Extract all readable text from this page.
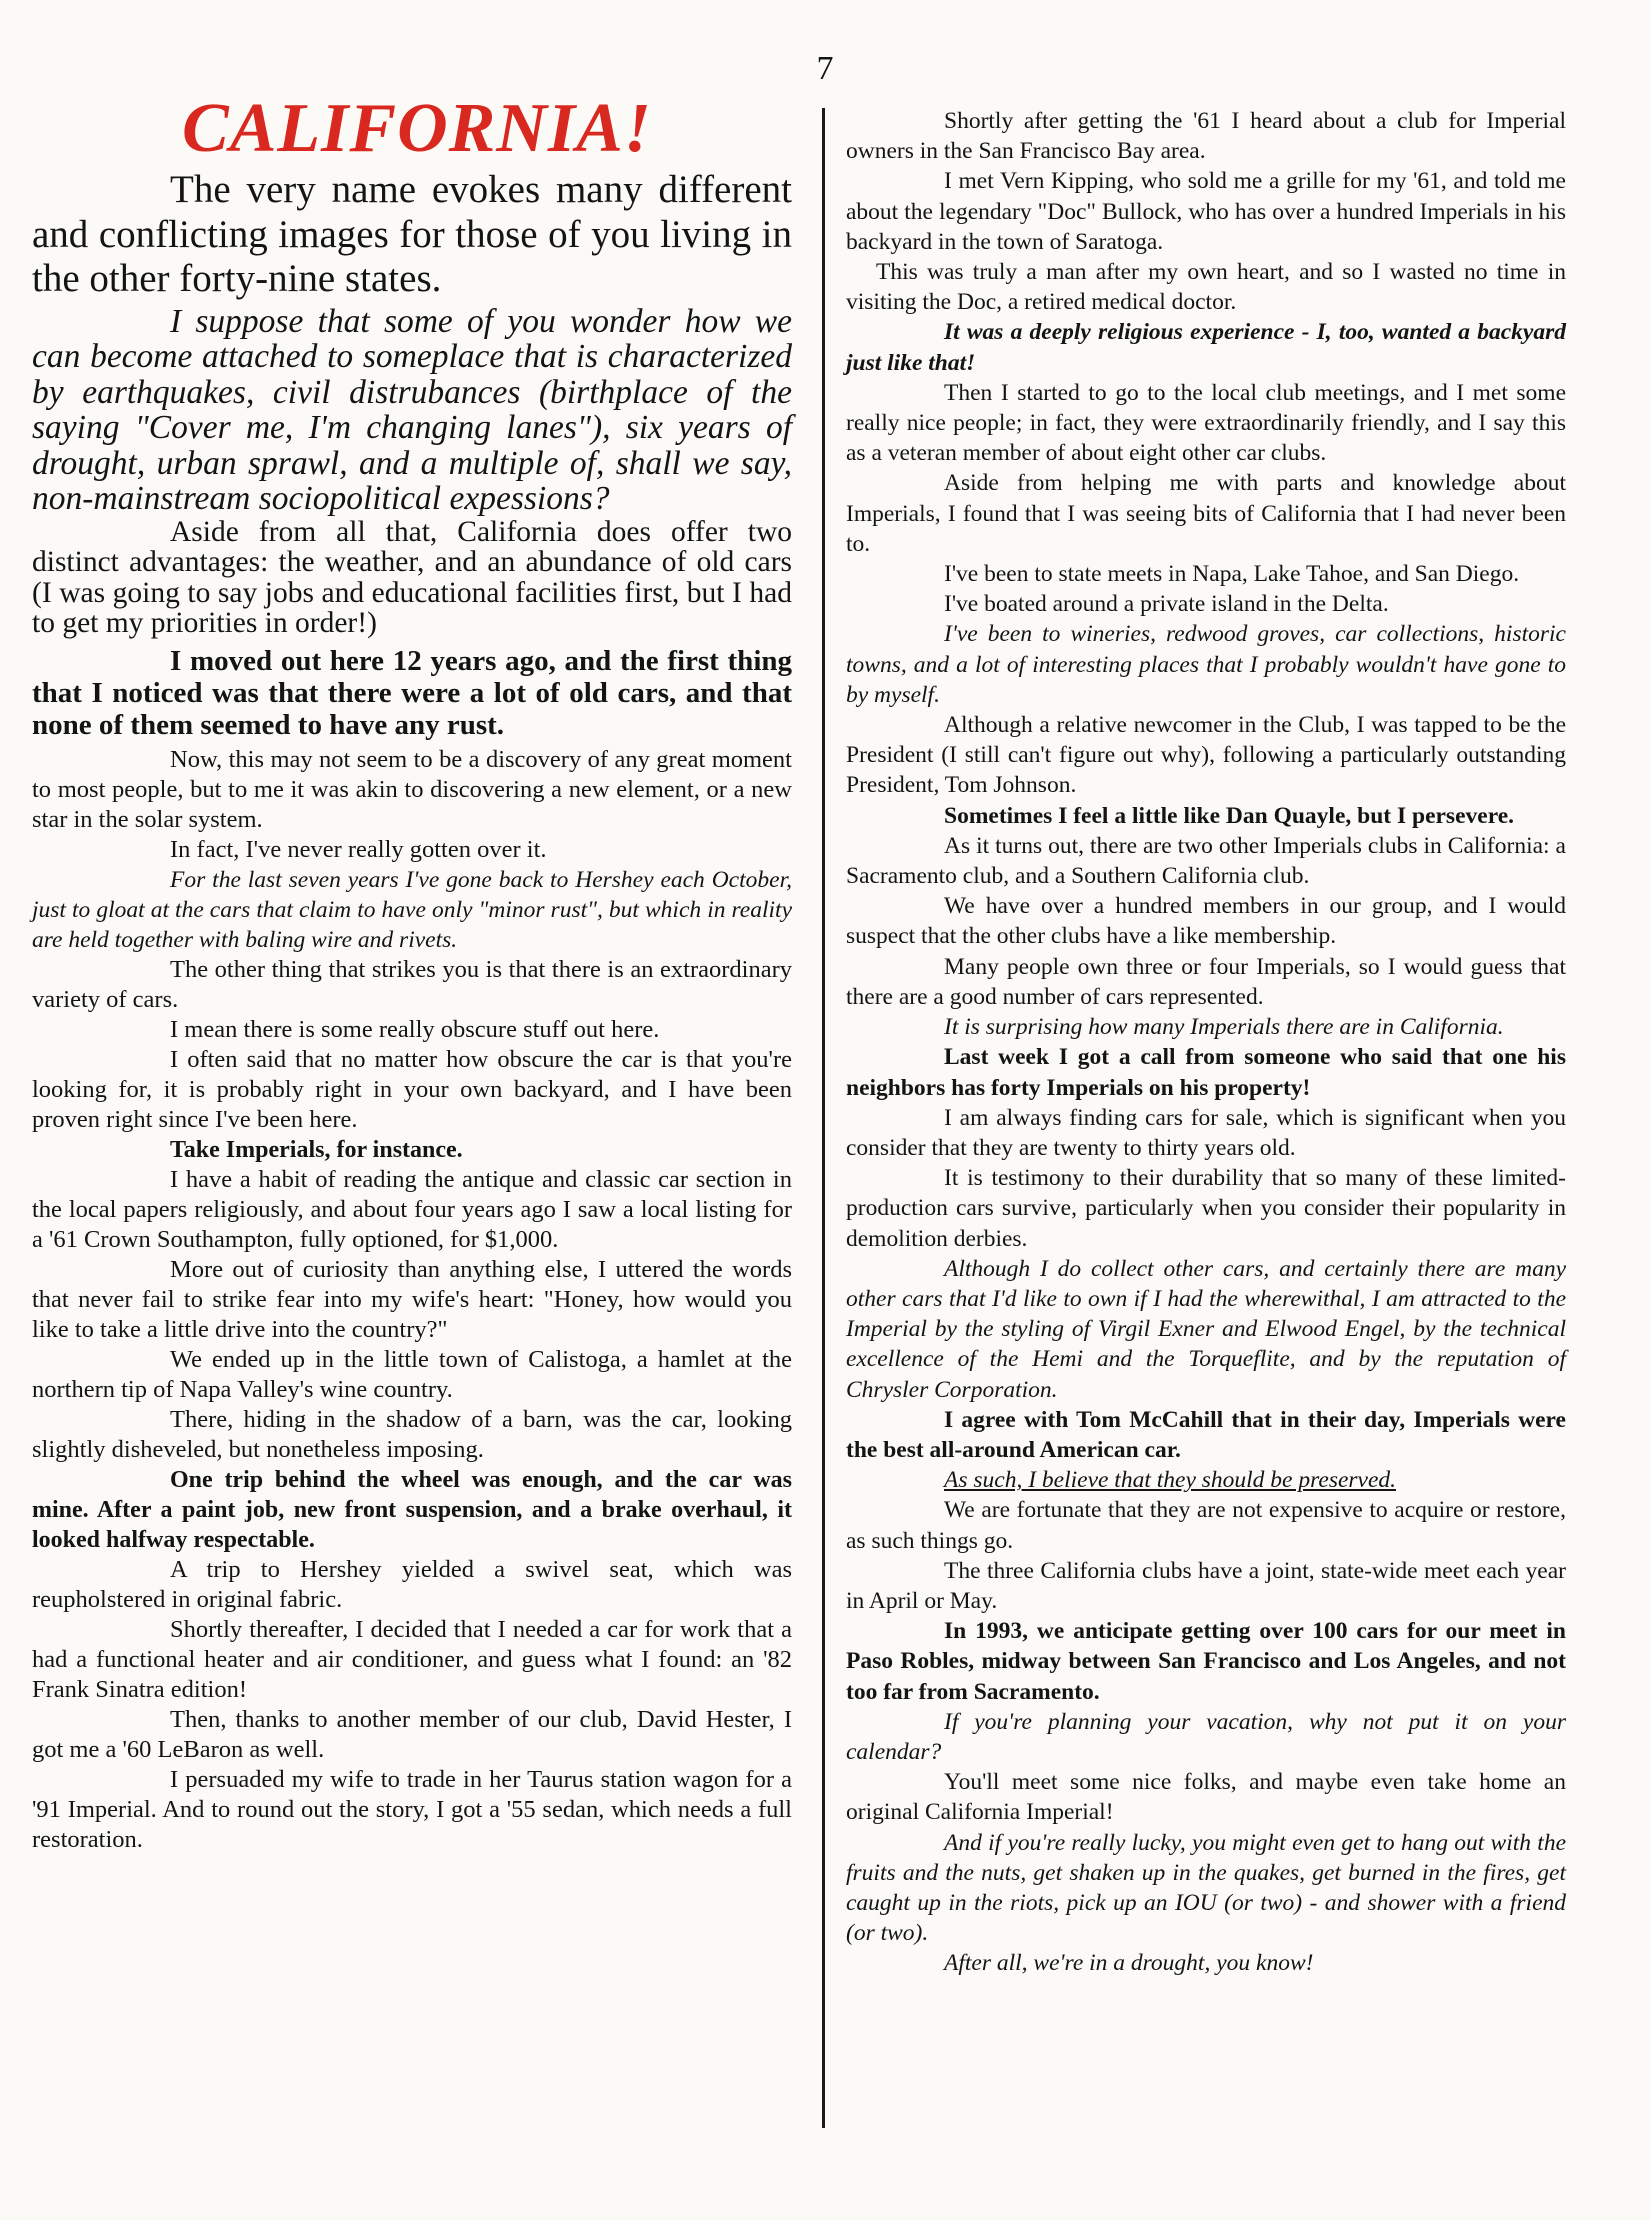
7
CALIFORNIA!

The very name evokes many different and conflicting images for those of you living in the other forty-nine states.

I suppose that some of you wonder how we can become attached to someplace that is characterized by earthquakes, civil distrubances (birthplace of the saying "Cover me, I'm changing lanes"), six years of drought, urban sprawl, and a multiple of, shall we say, non-mainstream sociopolitical expessions?

Aside from all that, California does offer two distinct advantages: the weather, and an abundance of old cars (I was going to say jobs and educational facilities first, but I had to get my priorities in order!)

I moved out here 12 years ago, and the first thing that I noticed was that there were a lot of old cars, and that none of them seemed to have any rust.

Now, this may not seem to be a discovery of any great moment to most people, but to me it was akin to discovering a new element, or a new star in the solar system.

In fact, I've never really gotten over it.

For the last seven years I've gone back to Hershey each October, just to gloat at the cars that claim to have only "minor rust", but which in reality are held together with baling wire and rivets.

The other thing that strikes you is that there is an extraordinary variety of cars.

I mean there is some really obscure stuff out here.

I often said that no matter how obscure the car is that you're looking for, it is probably right in your own backyard, and I have been proven right since I've been here.

Take Imperials, for instance.

I have a habit of reading the antique and classic car section in the local papers religiously, and about four years ago I saw a local listing for a '61 Crown Southampton, fully optioned, for $1,000.

More out of curiosity than anything else, I uttered the words that never fail to strike fear into my wife's heart: "Honey, how would you like to take a little drive into the country?"

We ended up in the little town of Calistoga, a hamlet at the northern tip of Napa Valley's wine country.

There, hiding in the shadow of a barn, was the car, looking slightly disheveled, but nonetheless imposing.

One trip behind the wheel was enough, and the car was mine. After a paint job, new front suspension, and a brake overhaul, it looked halfway respectable.

A trip to Hershey yielded a swivel seat, which was reupholstered in original fabric.

Shortly thereafter, I decided that I needed a car for work that a had a functional heater and air conditioner, and guess what I found: an '82 Frank Sinatra edition!

Then, thanks to another member of our club, David Hester, I got me a '60 LeBaron as well.

I persuaded my wife to trade in her Taurus station wagon for a '91 Imperial. And to round out the story, I got a '55 sedan, which needs a full restoration.

Shortly after getting the '61 I heard about a club for Imperial owners in the San Francisco Bay area.

I met Vern Kipping, who sold me a grille for my '61, and told me about the legendary "Doc" Bullock, who has over a hundred Imperials in his backyard in the town of Saratoga.

This was truly a man after my own heart, and so I wasted no time in visiting the Doc, a retired medical doctor.

It was a deeply religious experience - I, too, wanted a backyard just like that!

Then I started to go to the local club meetings, and I met some really nice people; in fact, they were extraordinarily friendly, and I say this as a veteran member of about eight other car clubs.

Aside from helping me with parts and knowledge about Imperials, I found that I was seeing bits of California that I had never been to.

I've been to state meets in Napa, Lake Tahoe, and San Diego.

I've boated around a private island in the Delta.

I've been to wineries, redwood groves, car collections, historic towns, and a lot of interesting places that I probably wouldn't have gone to by myself.

Although a relative newcomer in the Club, I was tapped to be the President (I still can't figure out why), following a particularly outstanding President, Tom Johnson.

Sometimes I feel a little like Dan Quayle, but I persevere.

As it turns out, there are two other Imperials clubs in California: a Sacramento club, and a Southern California club.

We have over a hundred members in our group, and I would suspect that the other clubs have a like membership.

Many people own three or four Imperials, so I would guess that there are a good number of cars represented.

It is surprising how many Imperials there are in California.

Last week I got a call from someone who said that one his neighbors has forty Imperials on his property!

I am always finding cars for sale, which is significant when you consider that they are twenty to thirty years old.

It is testimony to their durability that so many of these limited-production cars survive, particularly when you consider their popularity in demolition derbies.

Although I do collect other cars, and certainly there are many other cars that I'd like to own if I had the wherewithal, I am attracted to the Imperial by the styling of Virgil Exner and Elwood Engel, by the technical excellence of the Hemi and the Torqueflite, and by the reputation of Chrysler Corporation.

I agree with Tom McCahill that in their day, Imperials were the best all-around American car.

As such, I believe that they should be preserved.

We are fortunate that they are not expensive to acquire or restore, as such things go.

The three California clubs have a joint, state-wide meet each year in April or May.

In 1993, we anticipate getting over 100 cars for our meet in Paso Robles, midway between San Francisco and Los Angeles, and not too far from Sacramento.

If you're planning your vacation, why not put it on your calendar?

You'll meet some nice folks, and maybe even take home an original California Imperial!

And if you're really lucky, you might even get to hang out with the fruits and the nuts, get shaken up in the quakes, get burned in the fires, get caught up in the riots, pick up an IOU (or two) - and shower with a friend (or two).

After all, we're in a drought, you know!
